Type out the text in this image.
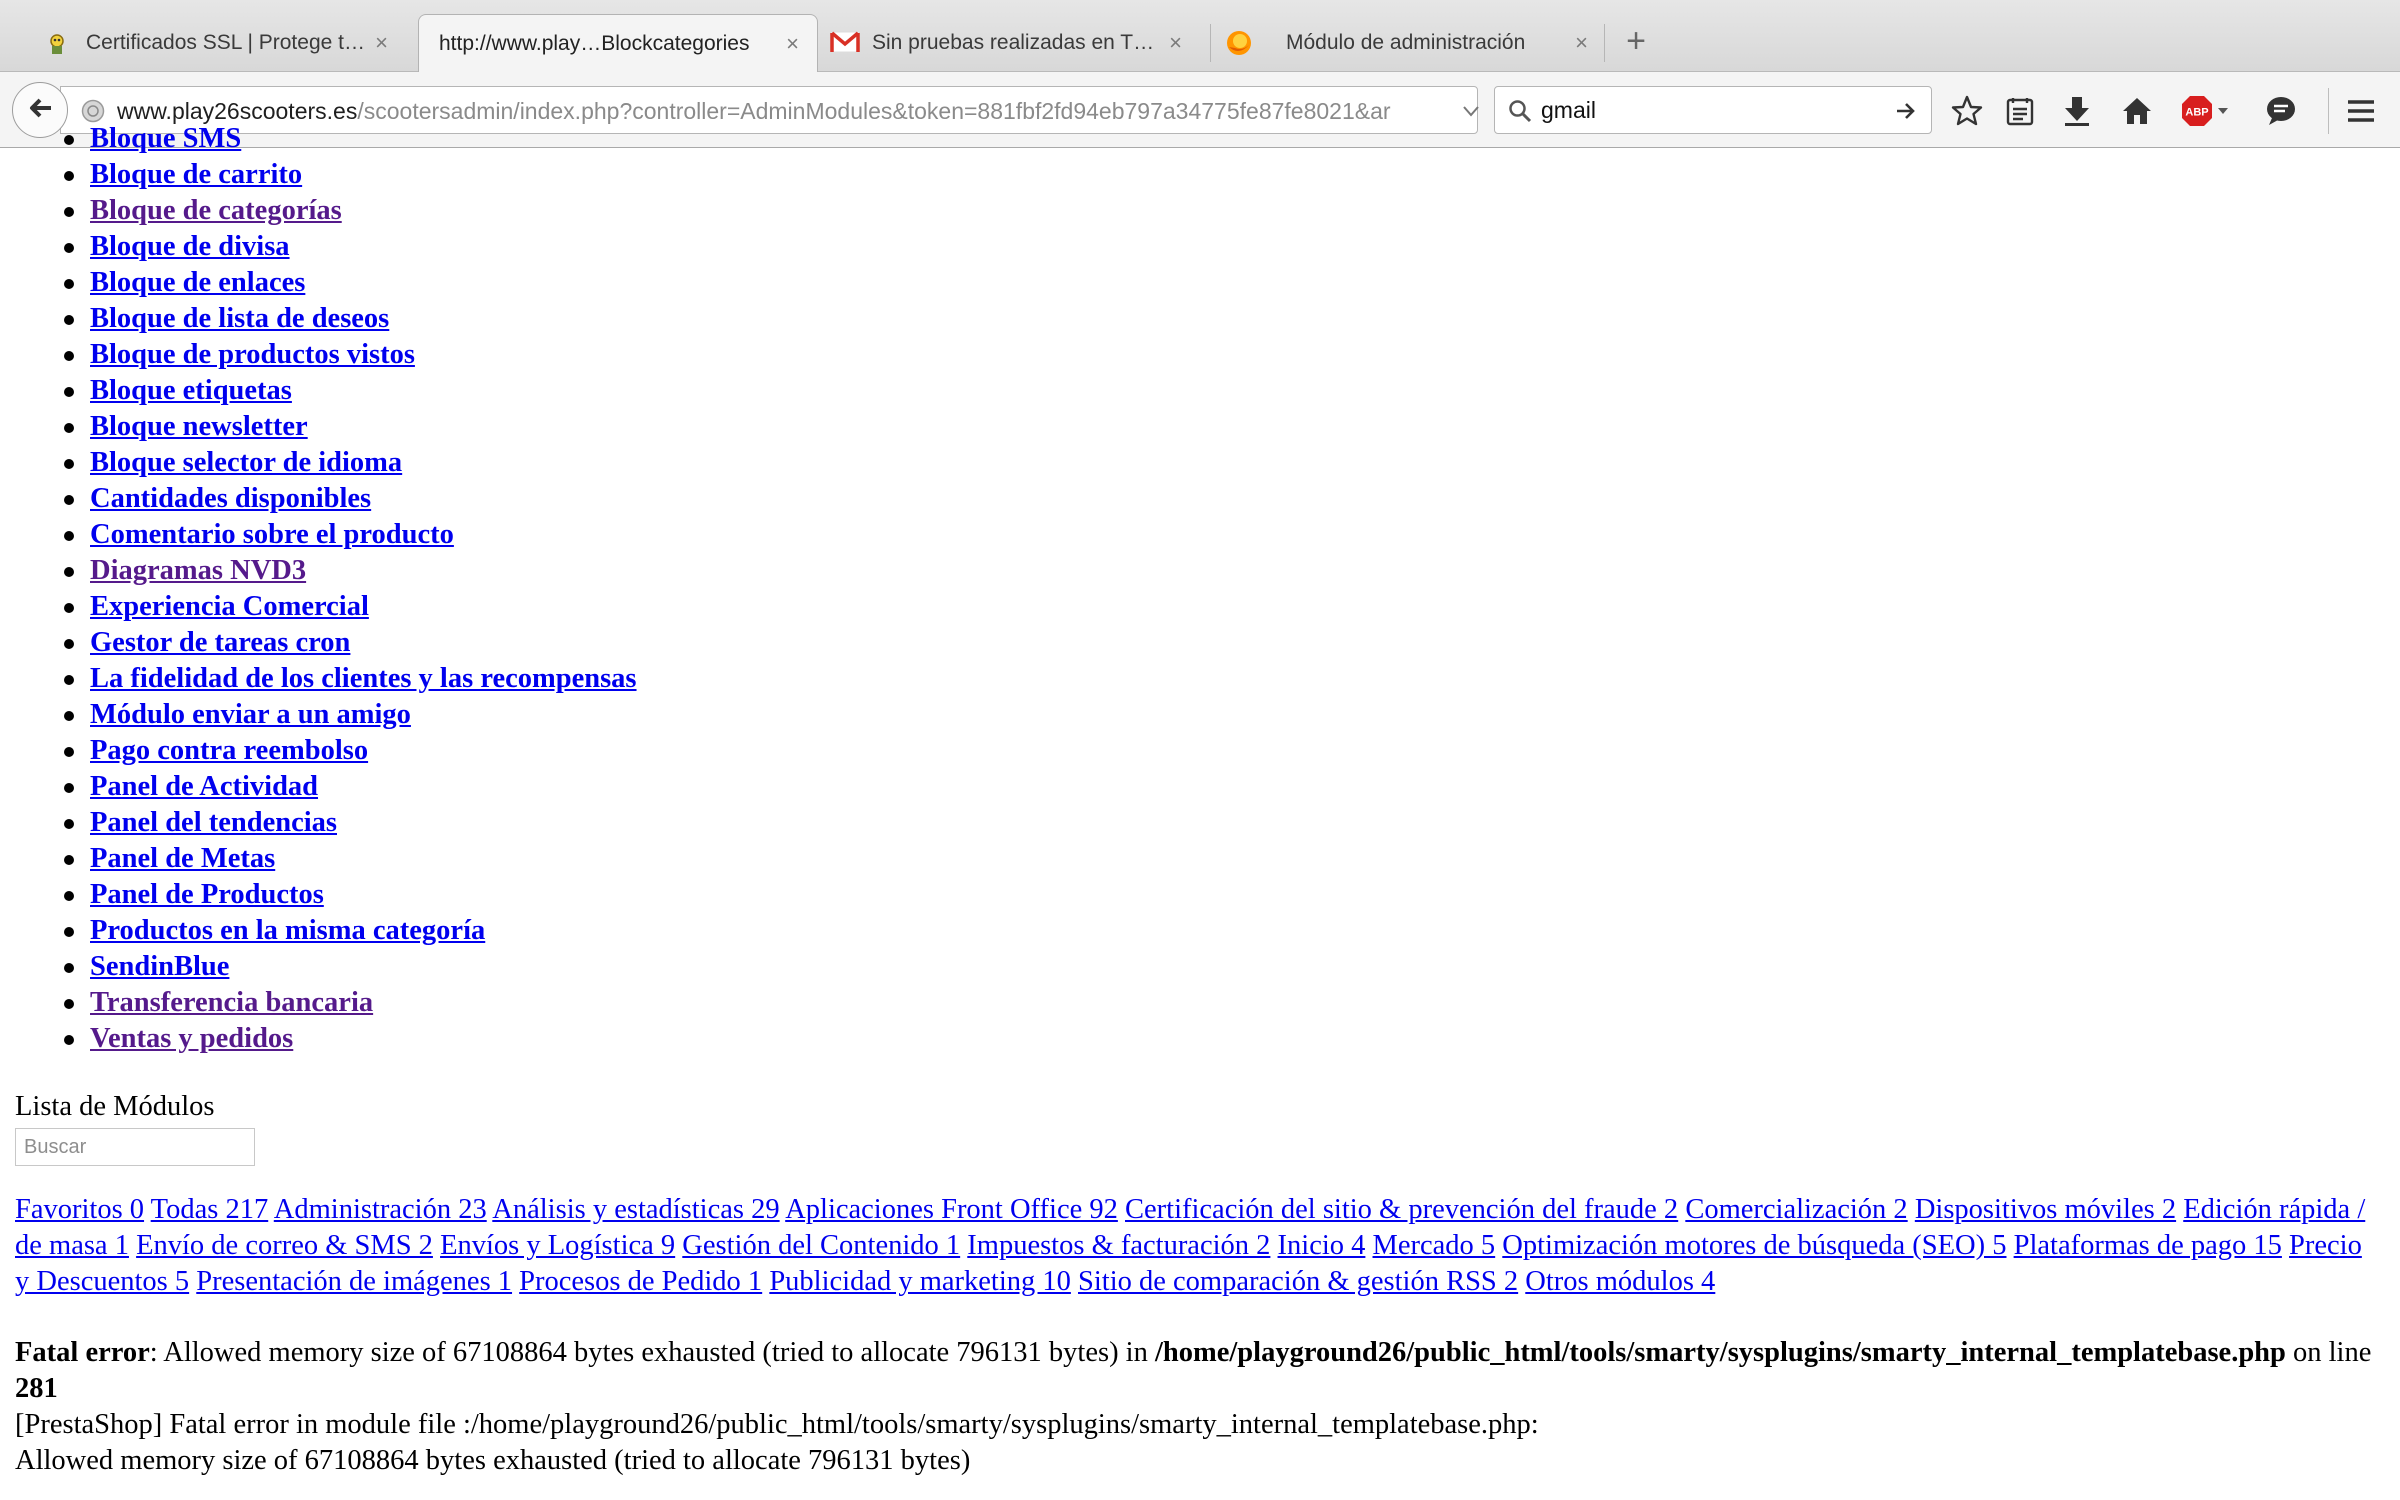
Certificados SSL | Protege t… × http://www.play…Blockcategories	×	Sin pruebas realizadas en T… ×	Módulo de administración	× +
www.play26scooters.es/scootersadmin/index.php?controller=AdminModules&token=881fbf2fd94eb797a34775fe87fe8021&ar
gmail	ABP
Bloque SMS
Bloque de carrito
Bloque de categorías
Bloque de divisa
Bloque de enlaces
Bloque de lista de deseos
Bloque de productos vistos
Bloque etiquetas
Bloque newsletter
Bloque selector de idioma
Cantidades disponibles
Comentario sobre el producto
Diagramas NVD3
Experiencia Comercial
Gestor de tareas cron
La fidelidad de los clientes y las recompensas
Módulo enviar a un amigo
Pago contra reembolso
Panel de Actividad
Panel del tendencias
Panel de Metas
Panel de Productos
Productos en la misma categoría
SendinBlue
Transferencia bancaria
Ventas y pedidos
Lista de Módulos
Buscar
Favoritos 0 Todas 217 Administración 23 Análisis y estadísticas 29 Aplicaciones Front Office 92 Certificación del sitio & prevención del fraude 2 Comercialización 2 Dispositivos móviles 2 Edición rápida / de masa 1 Envío de correo & SMS 2 Envíos y Logística 9 Gestión del Contenido 1 Impuestos & facturación 2 Inicio 4 Mercado 5 Optimización motores de búsqueda (SEO) 5 Plataformas de pago 15 Precio y Descuentos 5 Presentación de imágenes 1 Procesos de Pedido 1 Publicidad y marketing 10 Sitio de comparación & gestión RSS 2 Otros módulos 4

Fatal error: Allowed memory size of 67108864 bytes exhausted (tried to allocate 796131 bytes) in /home/playground26/public_html/tools/smarty/sysplugins/smarty_internal_templatebase.php on line 281

[PrestaShop] Fatal error in module file :/home/playground26/public_html/tools/smarty/sysplugins/smarty_internal_templatebase.php:

Allowed memory size of 67108864 bytes exhausted (tried to allocate 796131 bytes)
